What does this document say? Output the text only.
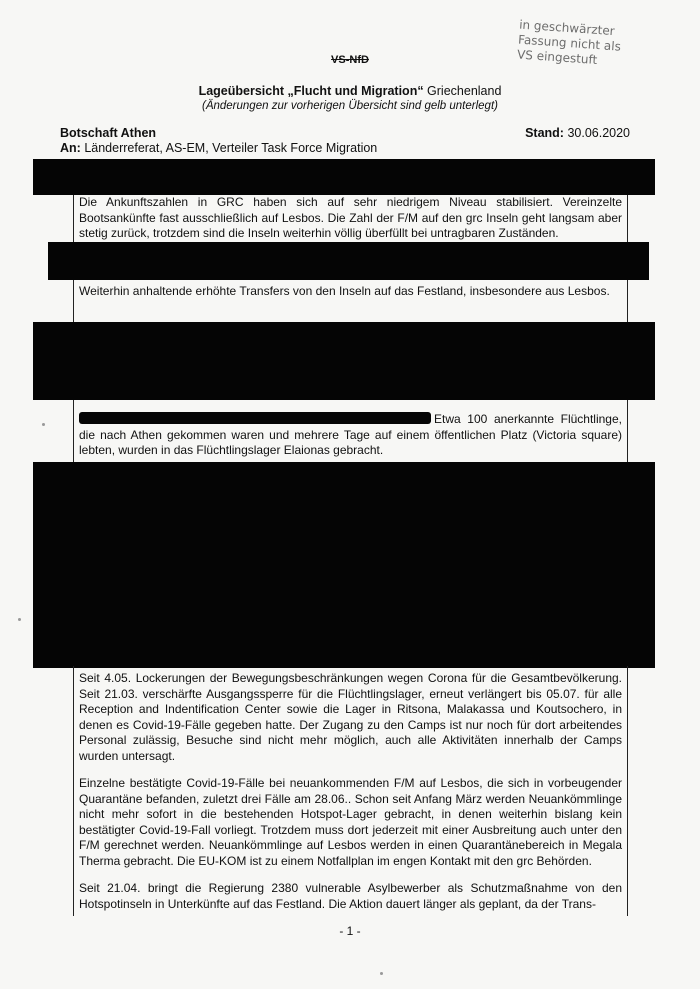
VS-NfD
in geschwärzter
Fassung nicht als
VS eingestuft
Lageübersicht „Flucht und Migration“ Griechenland
(Änderungen zur vorherigen Übersicht sind gelb unterlegt)
Botschaft Athen	Stand: 30.06.2020
An: Länderreferat, AS-EM, Verteiler Task Force Migration

Die Ankunftszahlen in GRC haben sich auf sehr niedrigem Niveau stabilisiert. Vereinzelte Bootsankünfte fast ausschließlich auf Lesbos. Die Zahl der F/M auf den grc Inseln geht langsam aber stetig zurück, trotzdem sind die Inseln weiterhin völlig überfüllt bei untragbaren Zuständen.

Weiterhin anhaltende erhöhte Transfers von den Inseln auf das Festland, insbesondere aus Lesbos.

Etwa 100 anerkannte Flüchtlinge, die nach Athen gekommen waren und mehrere Tage auf einem öffentlichen Platz (Victoria square) lebten, wurden in das Flüchtlingslager Elaionas gebracht.

Seit 4.05. Lockerungen der Bewegungsbeschränkungen wegen Corona für die Gesamtbevölkerung. Seit 21.03. verschärfte Ausgangssperre für die Flüchtlingslager, erneut verlängert bis 05.07. für alle Reception and Indentification Center sowie die Lager in Ritsona, Malakassa und Koutsochero, in denen es Covid-19-Fälle gegeben hatte. Der Zugang zu den Camps ist nur noch für dort arbeitendes Personal zulässig, Besuche sind nicht mehr möglich, auch alle Aktivitäten innerhalb der Camps wurden untersagt.

Einzelne bestätigte Covid-19-Fälle bei neuankommenden F/M auf Lesbos, die sich in vorbeugender Quarantäne befanden, zuletzt drei Fälle am 28.06.. Schon seit Anfang März werden Neuankömmlinge nicht mehr sofort in die bestehenden Hotspot-Lager gebracht, in denen weiterhin bislang kein bestätigter Covid-19-Fall vorliegt. Trotzdem muss dort jederzeit mit einer Ausbreitung auch unter den F/M gerechnet werden. Neuankömmlinge auf Lesbos werden in einen Quarantänebereich in Megala Therma gebracht. Die EU-KOM ist zu einem Notfallplan im engen Kontakt mit den grc Behörden.

Seit 21.04. bringt die Regierung 2380 vulnerable Asylbewerber als Schutzmaßnahme von den Hotspotinseln in Unterkünfte auf das Festland. Die Aktion dauert länger als geplant, da der Trans-

- 1 -
